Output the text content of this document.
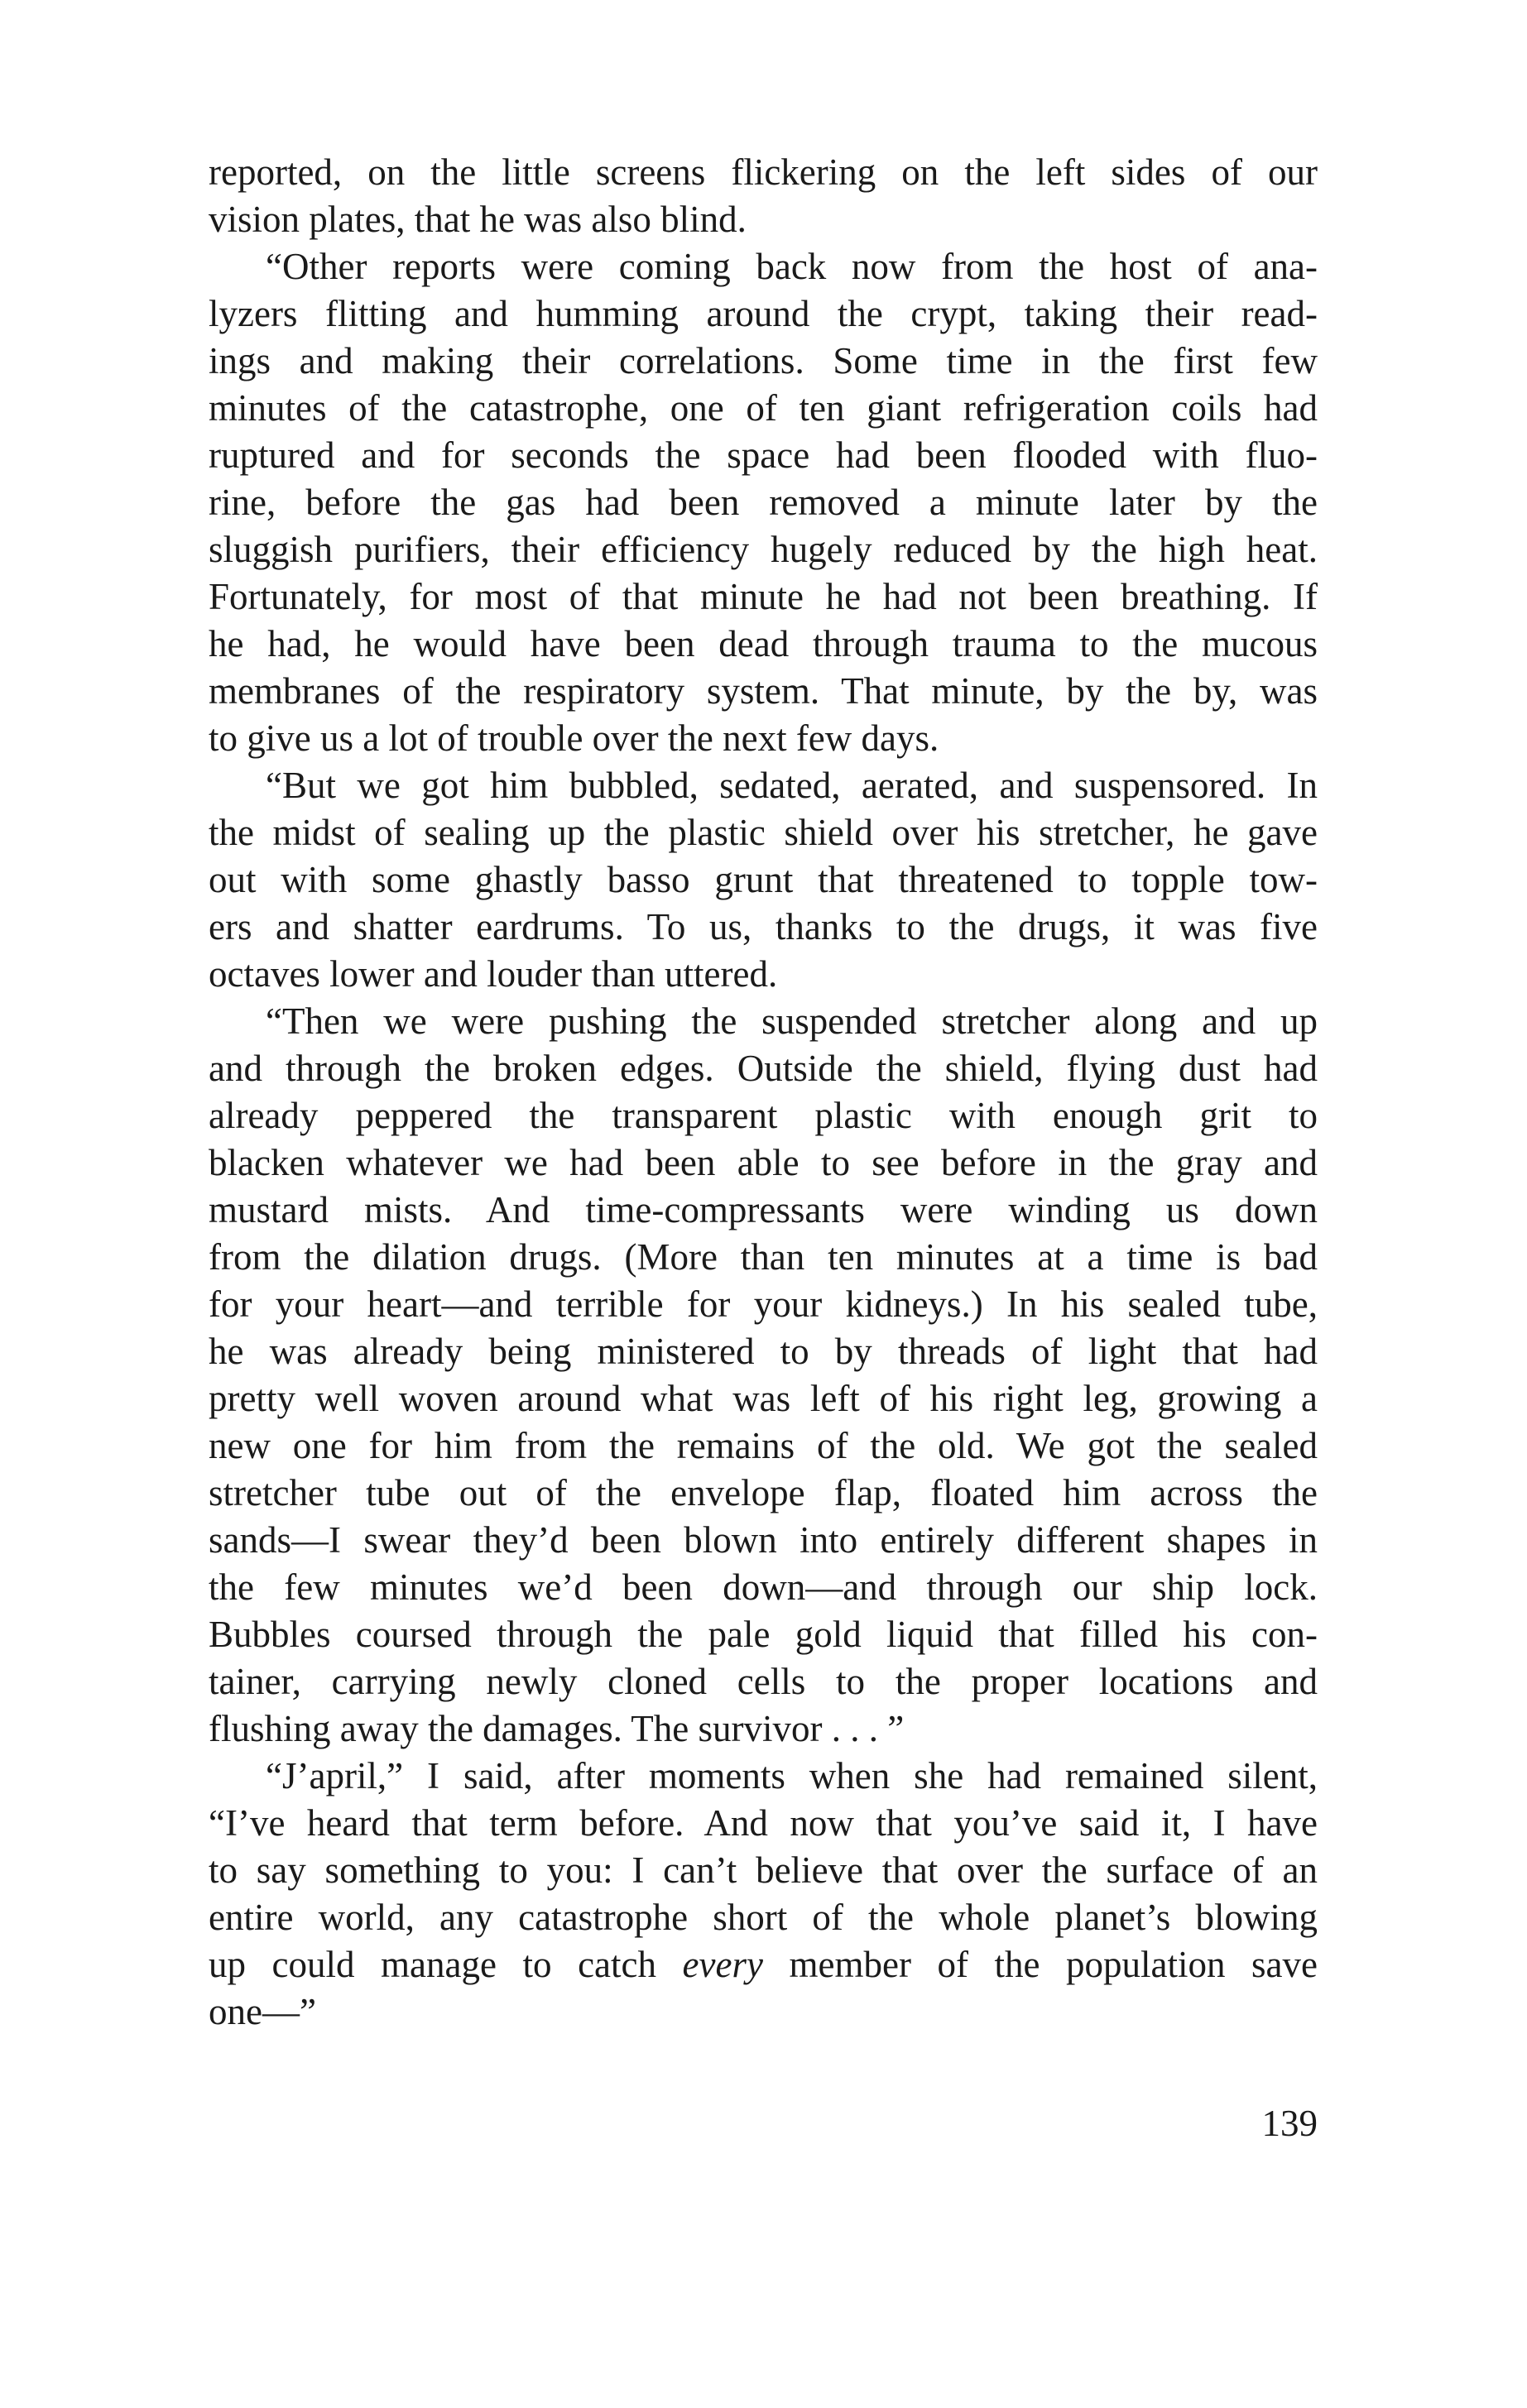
reported, on the little screens flickering on the left sides of our
vision plates, that he was also blind.
“Other reports were coming back now from the host of ana-
lyzers flitting and humming around the crypt, taking their read-
ings and making their correlations. Some time in the first few
minutes of the catastrophe, one of ten giant refrigeration coils had
ruptured and for seconds the space had been flooded with fluo-
rine, before the gas had been removed a minute later by the
sluggish purifiers, their efficiency hugely reduced by the high heat.
Fortunately, for most of that minute he had not been breathing. If
he had, he would have been dead through trauma to the mucous
membranes of the respiratory system. That minute, by the by, was
to give us a lot of trouble over the next few days.
“But we got him bubbled, sedated, aerated, and suspensored. In
the midst of sealing up the plastic shield over his stretcher, he gave
out with some ghastly basso grunt that threatened to topple tow-
ers and shatter eardrums. To us, thanks to the drugs, it was five
octaves lower and louder than uttered.
“Then we were pushing the suspended stretcher along and up
and through the broken edges. Outside the shield, flying dust had
already peppered the transparent plastic with enough grit to
blacken whatever we had been able to see before in the gray and
mustard mists. And time-compressants were winding us down
from the dilation drugs. (More than ten minutes at a time is bad
for your heart—and terrible for your kidneys.) In his sealed tube,
he was already being ministered to by threads of light that had
pretty well woven around what was left of his right leg, growing a
new one for him from the remains of the old. We got the sealed
stretcher tube out of the envelope flap, floated him across the
sands—I swear they’d been blown into entirely different shapes in
the few minutes we’d been down—and through our ship lock.
Bubbles coursed through the pale gold liquid that filled his con-
tainer, carrying newly cloned cells to the proper locations and
flushing away the damages. The survivor . . . ”
“J’april,” I said, after moments when she had remained silent,
“I’ve heard that term before. And now that you’ve said it, I have
to say something to you: I can’t believe that over the surface of an
entire world, any catastrophe short of the whole planet’s blowing
up could manage to catch every member of the population save
one—”
139
